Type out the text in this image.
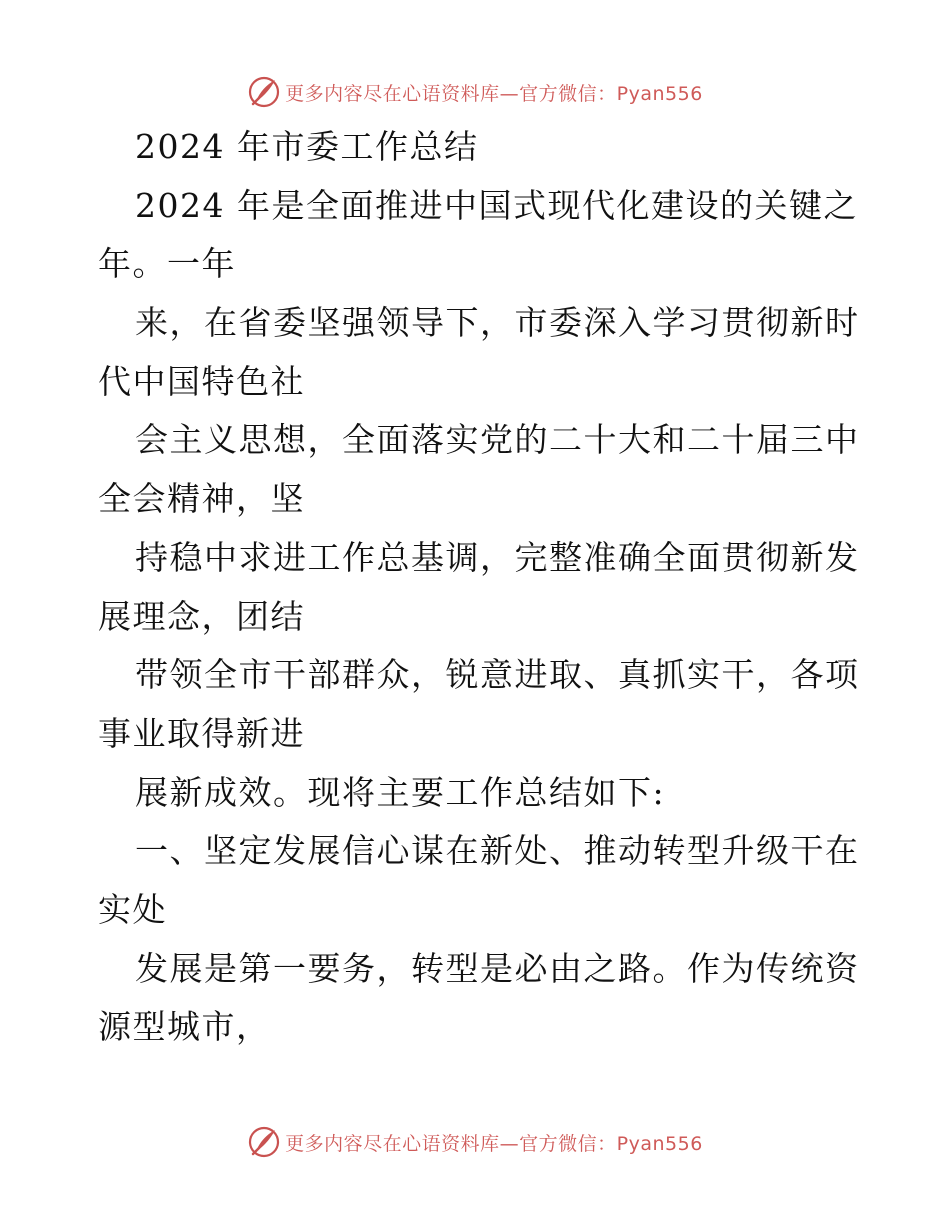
更多内容尽在心语资料库—官方微信：Pyan556
2024 年市委工作总结
2024 年是全面推进中国式现代化建设的关键之
年。一年
来，在省委坚强领导下，市委深入学习贯彻新时
代中国特色社
会主义思想，全面落实党的二十大和二十届三中
全会精神，坚
持稳中求进工作总基调，完整准确全面贯彻新发
展理念，团结
带领全市干部群众，锐意进取、真抓实干，各项
事业取得新进
展新成效。现将主要工作总结如下:
一、坚定发展信心谋在新处、推动转型升级干在
实处
发展是第一要务，转型是必由之路。作为传统资
源型城市，
更多内容尽在心语资料库—官方微信：Pyan556
